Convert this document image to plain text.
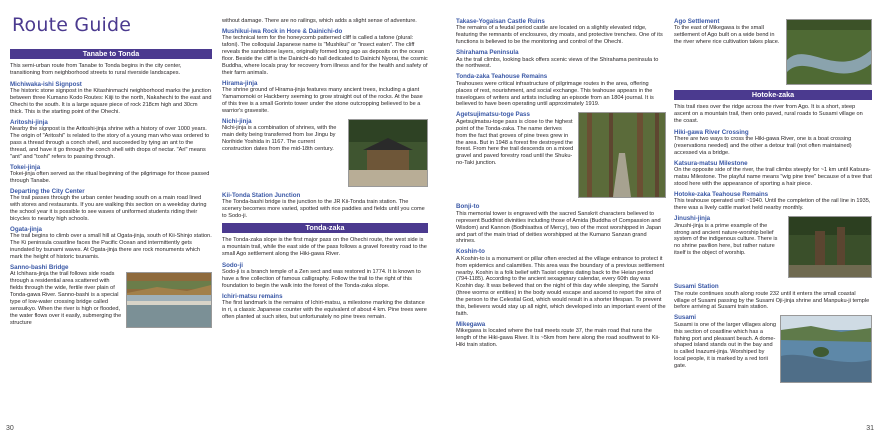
Route Guide
Tanabe to Tonda

This semi-urban route from Tanabe to Tonda begins in the city center, transitioning from neighborhood streets to rural riverside landscapes.

Michiwaka-ishi Signpost

The historic stone signpost in the Kitashinmachi neighborhood marks the junction between three Kumano Kodo Routes: Kiiji to the north, Nakahechi to the east and Ohechi to the south. It is a large square piece of rock 218cm high and 30cm thick. This is the starting point of the Ohechi.

Aritoshi-jinja

Nearby the signpost is the Aritoshi-jinja shrine with a history of over 1000 years. The origin of "Aritoshi" is related to the story of a young man who was ordered to pass a thread through a conch shell, and succeeded by tying an ant to the thread, and have it go through the conch shell with drops of nectar. "Ari" means "ant" and "toshi" refers to passing through.

Tokei-jinja

Tokei-jinja often served as the ritual beginning of the pilgrimage for those passed through Tanabe.

Departing the City Center

The trail passes through the urban center heading south on a main road lined with stores and restaurants. If you are walking this section on a weekday during the school year it is possible to see waves of uniformed students riding their bicycles to nearby high schools.

Ogata-jinja

The trail begins to climb over a small hill at Ogata-jinja, south of Kii-Shinjo station. The Ki peninsula coastline faces the Pacific Ocean and intermittently gets inundated by tsunami waves. At Ogata-jinja there are rock monuments which mark the height of historic tsunamis.

Sanno-bashi Bridge

At Ichihara-jinja the trail follows side roads through a residential area scattered with fields through the wide, fertile river plain of Tonda-gawa River. Sanno-bashi is a special type of low-water crossing bridge called sensuikyo. When the river is high or flooded, the water flows over it easily, submerging the structure

without damage. There are no railings, which adds a slight sense of adventure.

Mushikui-iwa Rock in Hore & Dainichi-do

The technical term for the honeycomb patterned cliff is called a tafone (plural: tafoni). The colloquial Japanese name is "Mushikui" or "insect eaten". The cliff reveals the sandstone layers, originally formed long ago as deposits on the ocean floor. Beside the cliff is the Dainichi-do hall dedicated to Dainichi Nyorai, the cosmic Buddha, where locals pray for recovery from illness and for the health and safety of their farm animals.

Hirama-jinja

The shrine ground of Hirama-jinja features many ancient trees, including a giant Yamamomoki or Hackberry seeming to grow straight out of the rocks. At the base of this tree is a small Gorinto tower under the stone outcropping believed to be a warrior's gravesite.

Nichi-jinja

Nichi-jinja is a combination of shrines, with the main deity being transferred from Ise Jingu by Norihide Yoshida in 1167. The current construction dates from the mid-18th century.

Kii-Tonda Station Junction

The Tonda-bashi bridge is the junction to the JR Kii-Tonda train station. The scenery becomes more varied, spotted with rice paddies and fields until you come to Sodo-ji.

Tonda-zaka

The Tonda-zaka slope is the first major pass on the Ohechi route, the west side is a mountain trail, while the east side of the pass follows a gravel forestry road to the small Ago settlement along the Hiki-gawa River.

Sodo-ji

Sodo-ji is a branch temple of a Zen sect and was restored in 1774. It is known to have a fine collection of famous calligraphy. Follow the trail to the right of this foundation to begin the walk into the forest of the Tonda-zaka slope.

Ichiri-matsu remains

The first landmark is the remains of Ichiri-matsu, a milestone marking the distance in ri, a classic Japanese counter with the equivalent of about 4 km. Pine trees were often planted at such sites, but unfortunately no pine trees remain.

30
Takase-Yogaisan Castle Ruins

The remains of a feudal period castle are located on a slightly elevated ridge, featuring the remnants of enclosures, dry moats, and protective trenches. One of its functions is believed to be the monitoring and control of the Ohechi.

Shirahama Peninsula

As the trail climbs, looking back offers scenic views of the Shirahama peninsula to the northwest.

Tonda-zaka Teahouse Remains

Teahouses were critical infrastructure of pilgrimage routes in the area, offering places of rest, nourishment, and social exchange. This teahouse appears in the travelogues of writers and artists including an episode from an 1804 journal. It is believed to have been operating until approximately 1919.

Agetsujimatsu-toge Pass

Agetsujimatsu-toge pass is close to the highest point of the Tonda-zaka. The name derives from the fact that groves of pine trees grew in the area. But in 1948 a forest fire destroyed the forest. From here the trail descends on a mixed gravel and paved forestry road until the Shuku-no-Taki junction.

Bonji-to

This memorial tower is engraved with the sacred Sanskrit characters believed to represent Buddhist divinities including those of Amida (Buddha of Compassion and Wisdom) and Kannon (Bodhisattva of Mercy), two of the most worshipped in Japan and part of the main triad of deities worshipped at the Kumano Sanzan grand shrines.

Koshin-to

A Koshin-to is a monument or pillar often erected at the village entrance to protect it from epidemics and calamities. This area was the boundary of a previous settlement nearby. Koshin is a folk belief with Taoist origins dating back to the Heian period (794-1185). According to the ancient sexagenary calendar, every 60th day was Koshin day. It was believed that on the night of this day while sleeping, the Sanshi (three worms or entities) in the body would escape and ascend to report the sins of the person to the Celestial God, which would result in a shorter lifespan. To prevent this, believers would stay up all night, which developed into an important event of the faith.

Mikegawa

Mikegawa is located where the trail meets route 37, the main road that runs the length of the Hiki-gawa River. It is ~5km from here along the road southwest to Kii-Hiki train station.

Ago Settlement

To the east of Mikegawa is the small settlement of Ago built on a wide bend in the river where rice cultivation takes place.

Hotoke-zaka

This trail rises over the ridge across the river from Ago. It is a short, steep ascent on a mountain trail, then onto paved, rural roads to Susami village on the coast.

Hiki-gawa River Crossing

There are two ways to cross the Hiki-gawa River, one is a boat crossing (reservations needed) and the other a detour trail (not often maintained) accessed via a bridge.

Katsura-matsu Milestone

On the opposite side of the river, the trail climbs steeply for ~1 km until Katsura-matsu Milestone. The playful name means "wig pine tree" because of a tree that stood here with the appearance of sporting a hair piece.

Hotoke-zaka Teahouse Remains

This teahouse operated until ~1940. Until the completion of the rail line in 1935, there was a lively cattle market held nearby monthly.

Jinushi-jinja

Jinushi-jinja is a prime example of the strong and ancient nature-worship belief system of the indigenous culture. There is no shrine pavilion here, but rather nature itself is the object of worship.

Susami Station

The route continues south along route 232 until it enters the small coastal village of Susami passing by the Susami Oji-jinja shrine and Manpuku-ji temple before arriving at Susami train station.

Susami

Susami is one of the larger villages along this section of coastline which has a fishing port and pleasant beach. A dome-shaped island stands out in the bay and is called Inazumi-jinja. Worshiped by local people, it is marked by a red torii gate.

31
